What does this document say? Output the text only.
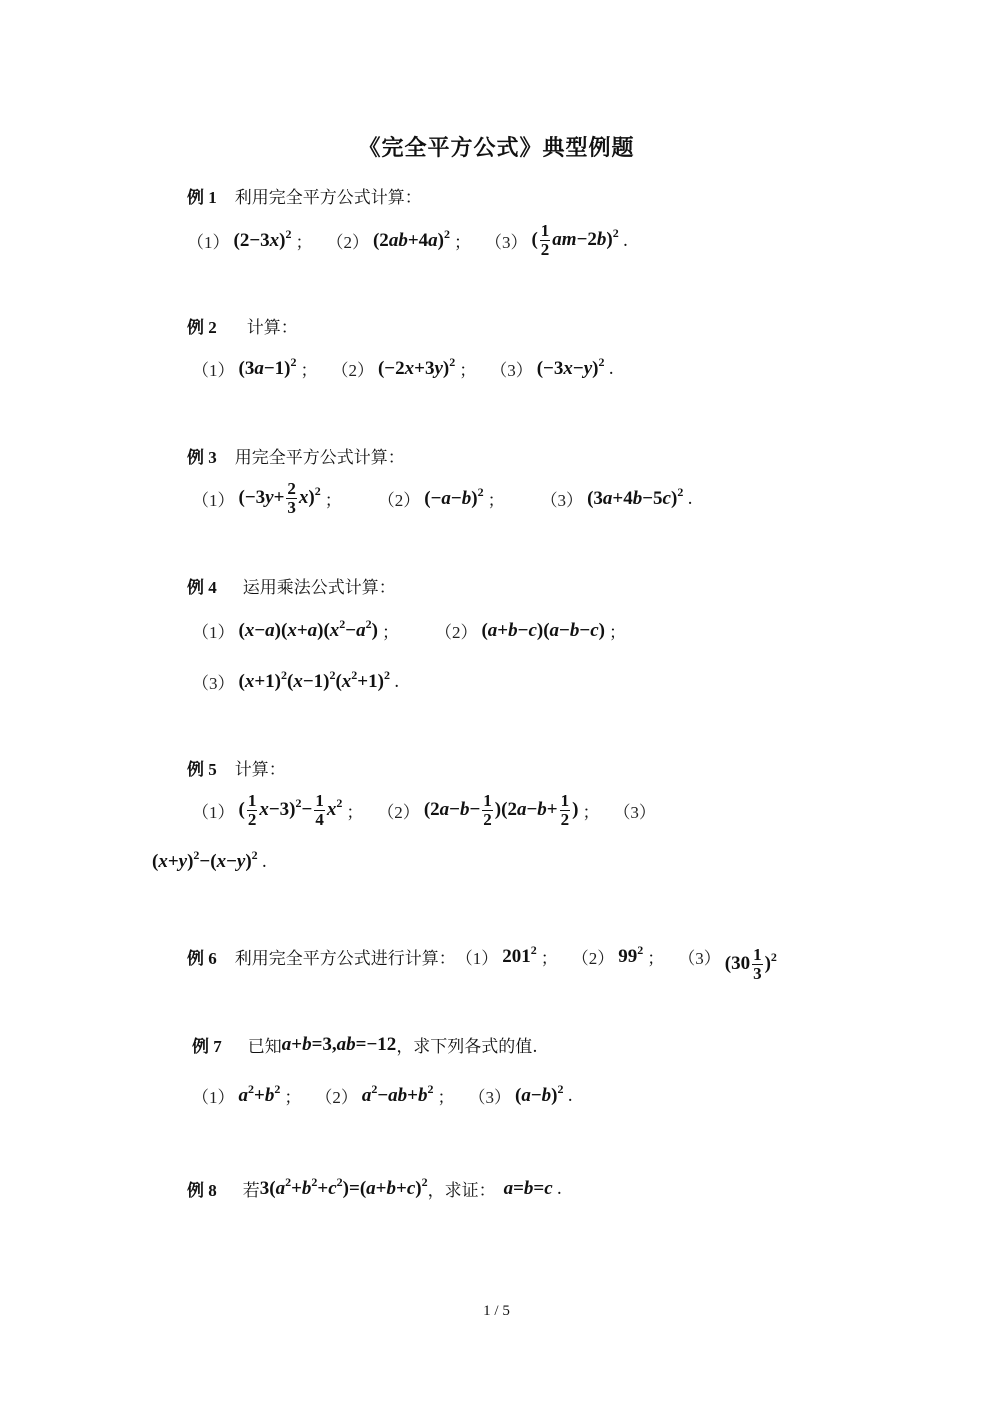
《完全平方公式》典型例题
例 1 利用完全平方公式计算：
（1） $(2-3x)^2$ ； （2） $(2ab+4a)^2$ ； （3） ( $\frac{1}{2} am-2b)^2$ .
例 2 计算：
（1） $(3a-1)^2$ ； （2） $(-2x+3y)^2$ ； （3） $(-3x-y)^2$ .
例 3 用完全平方公式计算：
（1） $(-3y+ \frac{2}{3} x)^2$
； （2） $(-a-b)^2$ ； （3） $(3a+4b-5c)^2$ .
例 4 运用乘法公式计算：
（1） $(x-a)(x+a)(x^2-a^2)$ ； （2） (a+b−c)(a−b−c) ；
（3） $(x+1)^2(x-1)^2(x^2+1)^2$ .
例 5 计算：
（1） ( $\frac{1}{2} x-3)^2- \frac{1}{4} x^2$
； （2） $(2a-b- \frac{1}{2} )(2a-b+ \frac{1}{2}$ ) ； （3）
$(x+y)^2-(x-y)^2$ .
例 6 利用完全平方公式进行计算： （1） $201^2$ ； （2） $99^2$ ； （3） $(30 \frac{1}{3} )^2$
例 7 已知 a+b=3,ab=−12 ，求下列各式的值.
（1） $a^2+b^2$ ； （2） $a^2-ab+b^2$ ； （3） $(a-b)^2$ .
例 8 若 $3(a^2+b^2+c^2)=(a+b+c)^2$ ，求证： a=b=c .
1 / 5
